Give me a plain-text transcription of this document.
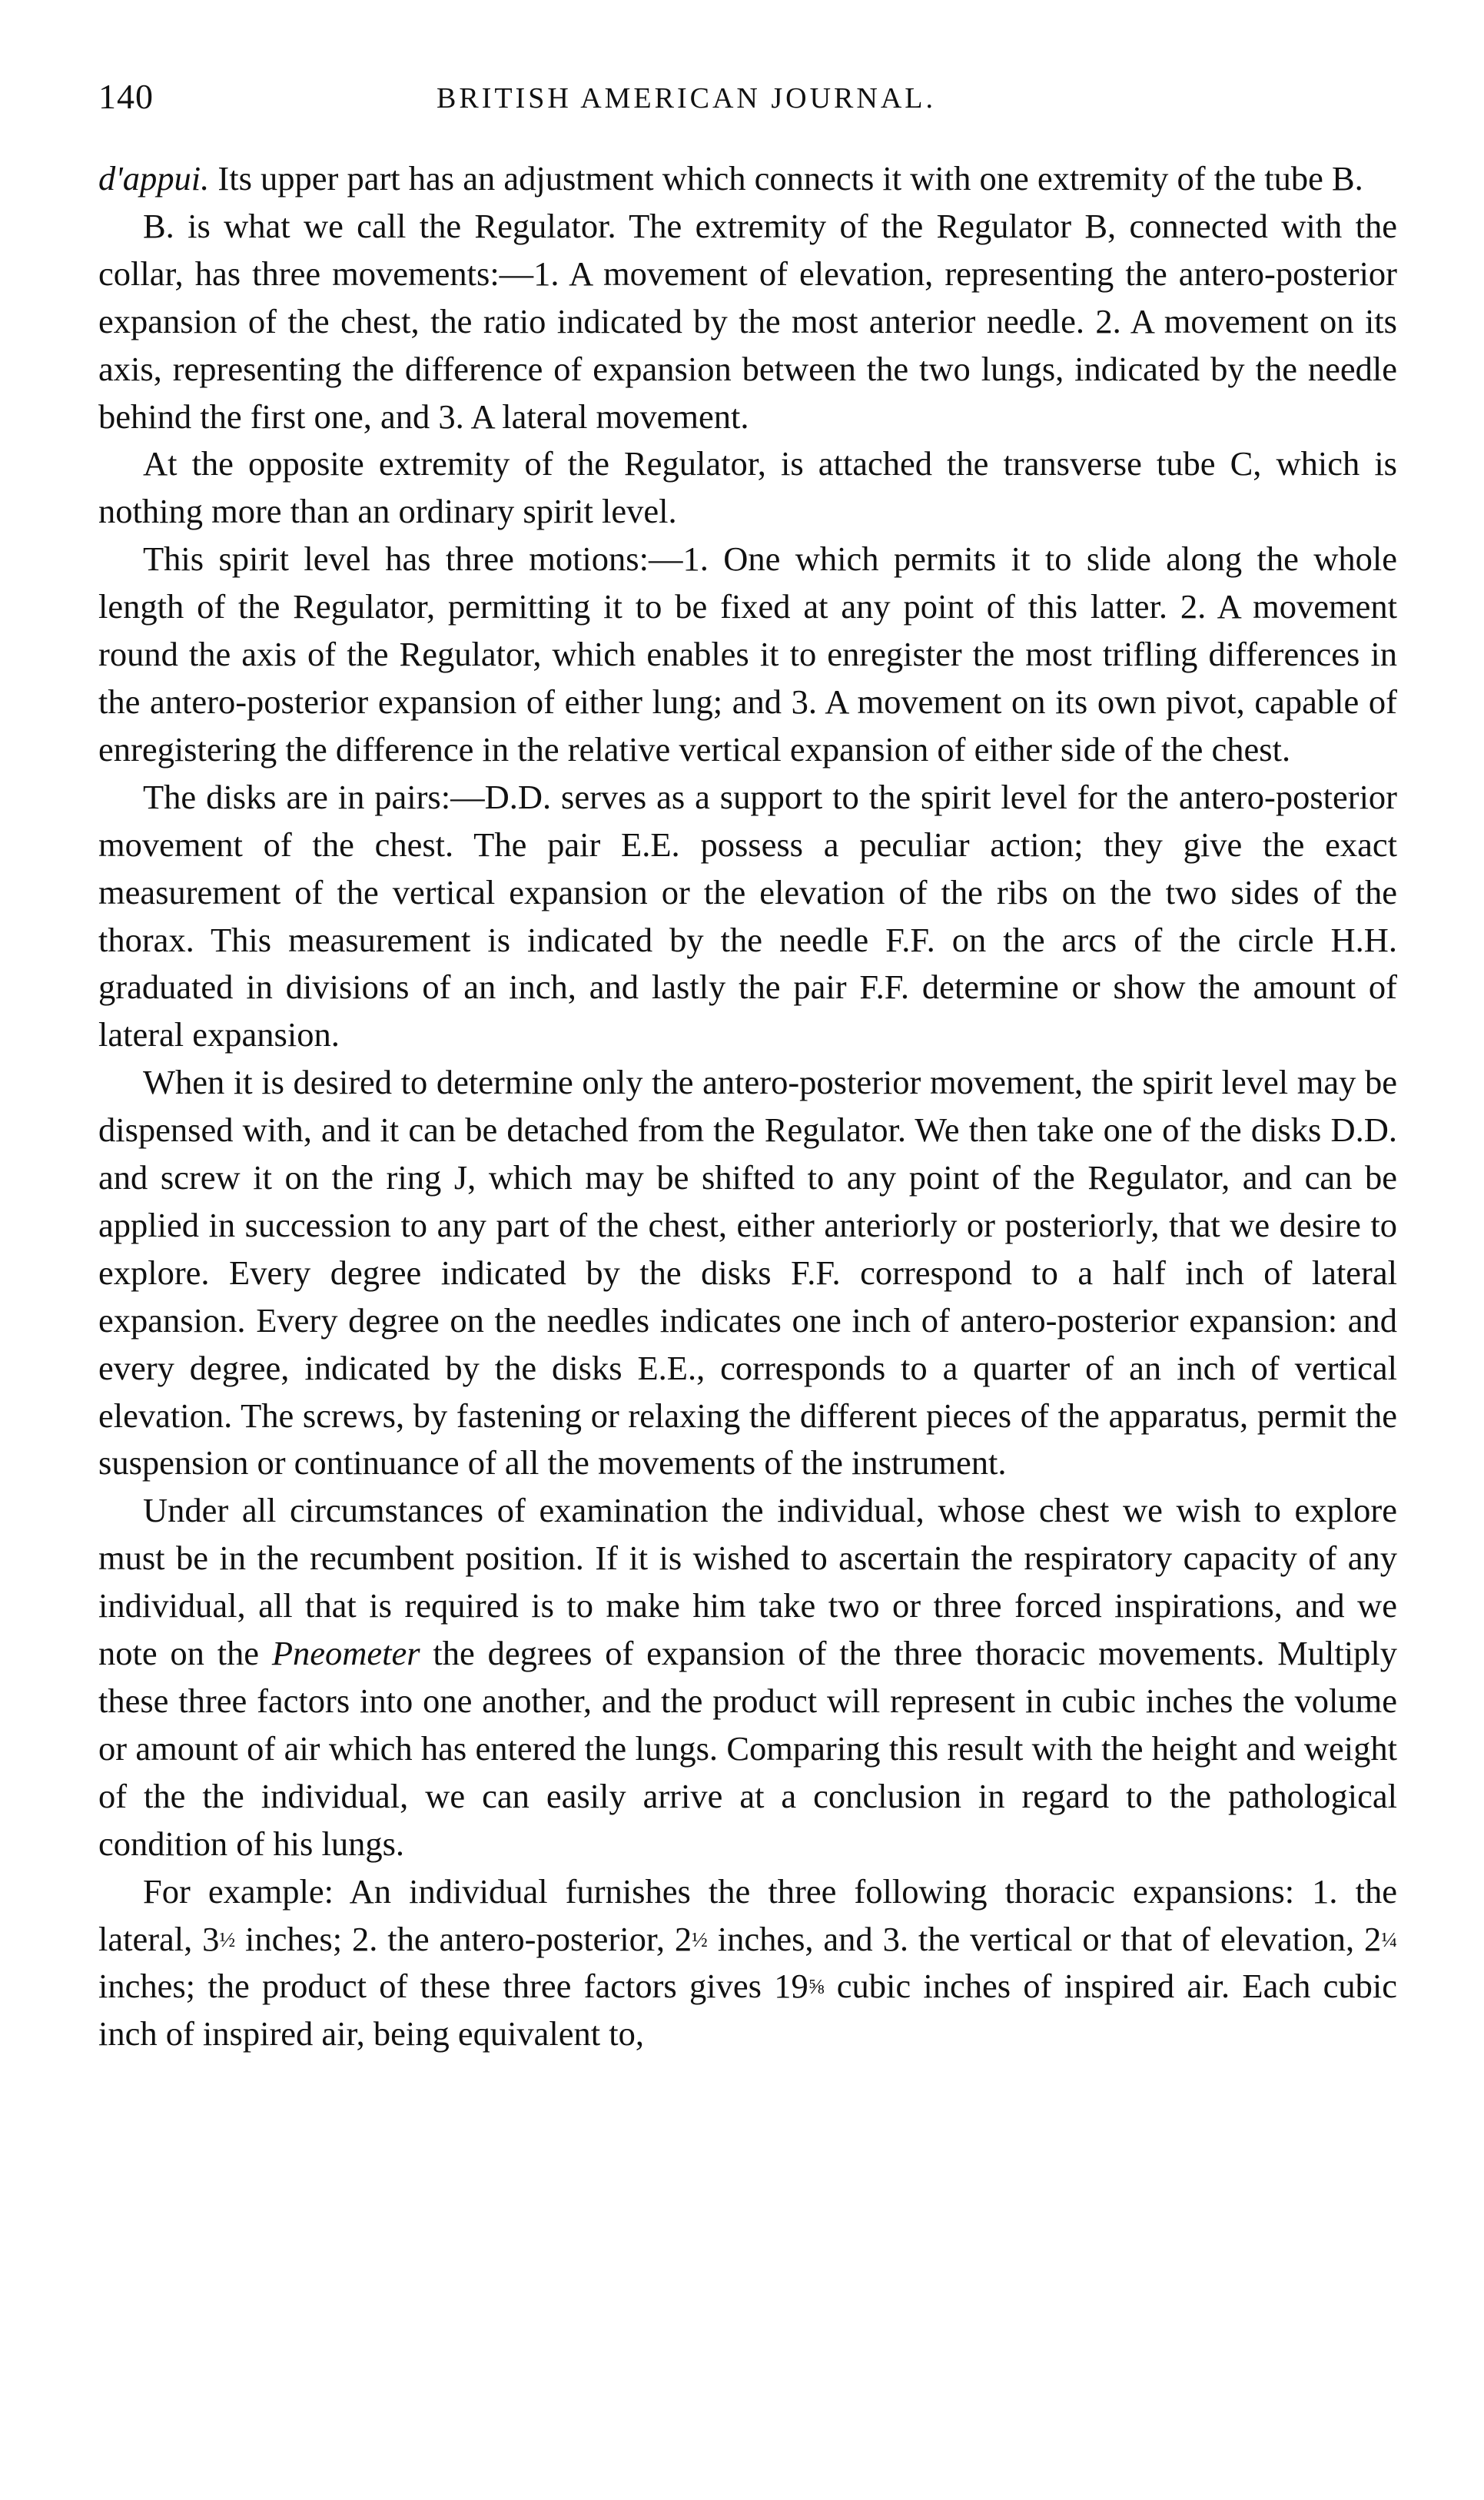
140	BRITISH AMERICAN JOURNAL.

d'appui. Its upper part has an adjustment which connects it with one extremity of the tube B.

B. is what we call the Regulator. The extremity of the Regulator B, connected with the collar, has three movements:—1. A movement of elevation, representing the antero-posterior expansion of the chest, the ratio indicated by the most anterior needle. 2. A movement on its axis, representing the difference of expansion between the two lungs, indicated by the needle behind the first one, and 3. A lateral movement.

At the opposite extremity of the Regulator, is attached the transverse tube C, which is nothing more than an ordinary spirit level.

This spirit level has three motions:—1. One which permits it to slide along the whole length of the Regulator, permitting it to be fixed at any point of this latter. 2. A movement round the axis of the Regulator, which enables it to enregister the most trifling differences in the antero-posterior expansion of either lung; and 3. A movement on its own pivot, capable of enregistering the difference in the relative vertical expansion of either side of the chest.

The disks are in pairs:—D.D. serves as a support to the spirit level for the antero-posterior movement of the chest. The pair E.E. possess a peculiar action; they give the exact measurement of the vertical expansion or the elevation of the ribs on the two sides of the thorax. This measurement is indicated by the needle F.F. on the arcs of the circle H.H. graduated in divisions of an inch, and lastly the pair F.F. determine or show the amount of lateral expansion.

When it is desired to determine only the antero-posterior movement, the spirit level may be dispensed with, and it can be detached from the Regulator. We then take one of the disks D.D. and screw it on the ring J, which may be shifted to any point of the Regulator, and can be applied in succession to any part of the chest, either anteriorly or posteriorly, that we desire to explore. Every degree indicated by the disks F.F. correspond to a half inch of lateral expansion. Every degree on the needles indicates one inch of antero-posterior expansion: and every degree, indicated by the disks E.E., corresponds to a quarter of an inch of vertical elevation. The screws, by fastening or relaxing the different pieces of the apparatus, permit the suspension or continuance of all the movements of the instrument.

Under all circumstances of examination the individual, whose chest we wish to explore must be in the recumbent position. If it is wished to ascertain the respiratory capacity of any individual, all that is required is to make him take two or three forced inspirations, and we note on the Pneometer the degrees of expansion of the three thoracic movements. Multiply these three factors into one another, and the product will represent in cubic inches the volume or amount of air which has entered the lungs. Comparing this result with the height and weight of the the individual, we can easily arrive at a conclusion in regard to the pathological condition of his lungs.

For example: An individual furnishes the three following thoracic expansions: 1. the lateral, 3½ inches; 2. the antero-posterior, 2½ inches, and 3. the vertical or that of elevation, 2¼ inches; the product of these three factors gives 19⅝ cubic inches of inspired air. Each cubic inch of inspired air, being equivalent to,
